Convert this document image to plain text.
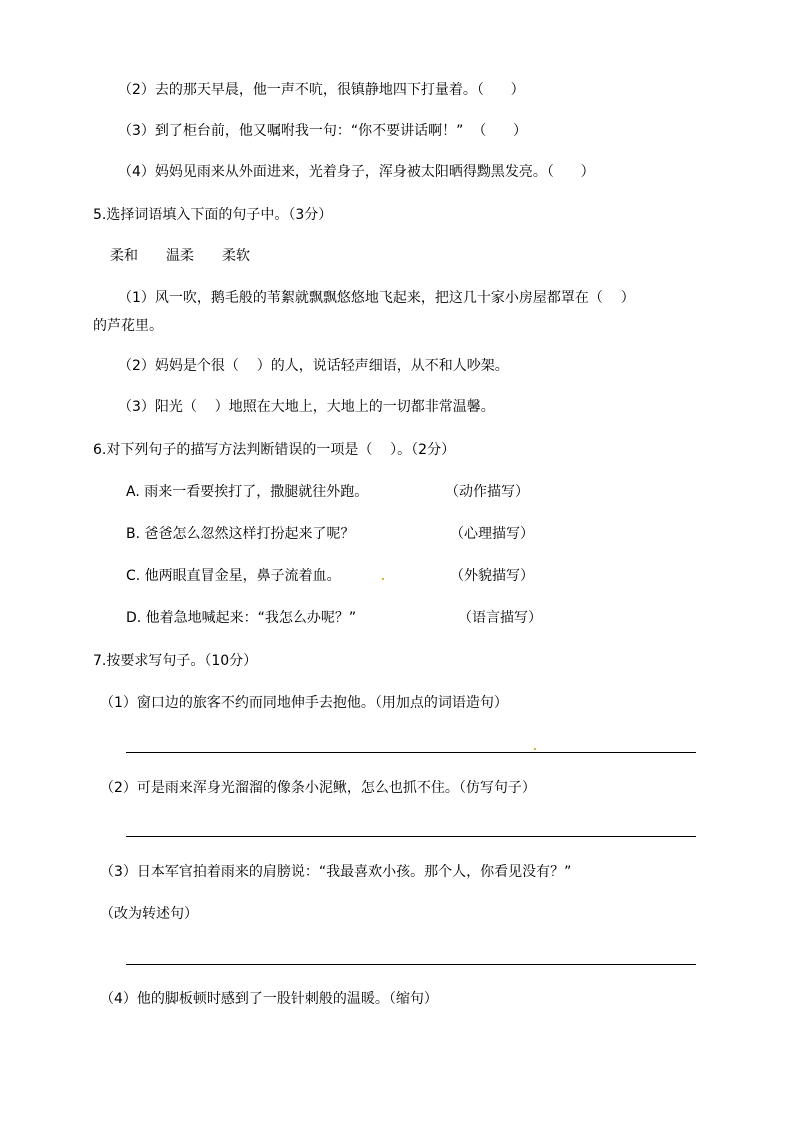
（2）去的那天早晨，他一声不吭，很镇静地四下打量着。（      ）
（3）到了柜台前，他又嘱咐我一句：“你不要讲话啊！”  （      ）
（4）妈妈见雨来从外面进来，光着身子，浑身被太阳晒得黝黑发亮。（      ）
5.选择词语填入下面的句子中。（3分）
柔和 温柔 柔软
（1）风一吹，鹅毛般的苇絮就飘飘悠悠地飞起来，把这几十家小房屋都罩在（    ）
的芦花里。
（2）妈妈是个很（    ）的人，说话轻声细语，从不和人吵架。
（3）阳光（    ）地照在大地上，大地上的一切都非常温馨。
6.对下列句子的描写方法判断错误的一项是（    ）。（2分）
A. 雨来一看要挨打了，撒腿就往外跑。	（动作描写）
B. 爸爸怎么忽然这样打扮起来了呢？	（心理描写）
C. 他两眼直冒金星，鼻子流着血。	（外貌描写）
D. 他着急地喊起来：“我怎么办呢？”	（语言描写）
7.按要求写句子。（10分）
（1）窗口边的旅客不约而同地伸手去抱他。（用加点的词语造句）
（2）可是雨来浑身光溜溜的像条小泥鳅，怎么也抓不住。（仿写句子）
（3）日本军官拍着雨来的肩膀说：“我最喜欢小孩。那个人，你看见没有？”
（改为转述句）
（4）他的脚板顿时感到了一股针刺般的温暖。（缩句）
